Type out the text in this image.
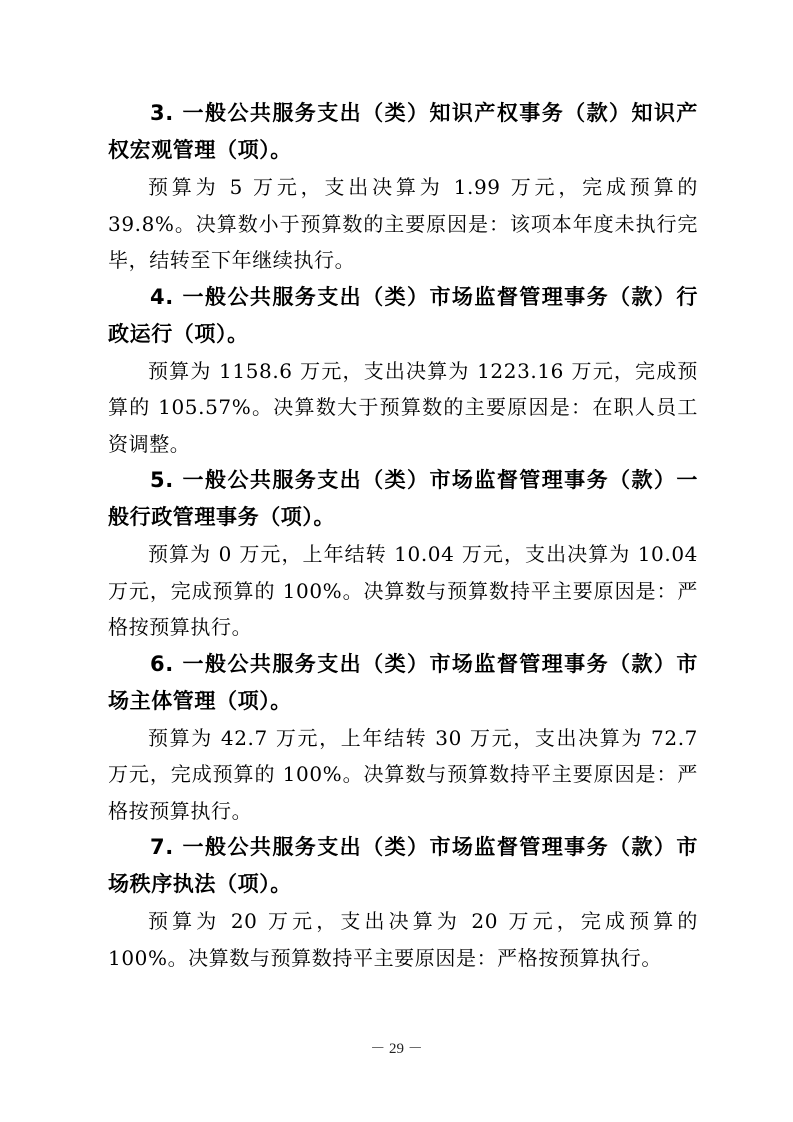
3. 一般公共服务支出（类）知识产权事务（款）知识产权宏观管理（项）。

预算为 5 万元，支出决算为 1.99 万元，完成预算的 39.8%。决算数小于预算数的主要原因是：该项本年度未执行完毕，结转至下年继续执行。

4. 一般公共服务支出（类）市场监督管理事务（款）行政运行（项）。

预算为 1158.6 万元，支出决算为 1223.16 万元，完成预算的 105.57%。决算数大于预算数的主要原因是：在职人员工资调整。

5. 一般公共服务支出（类）市场监督管理事务（款）一般行政管理事务（项）。

预算为 0 万元，上年结转 10.04 万元，支出决算为 10.04 万元，完成预算的 100%。决算数与预算数持平主要原因是：严格按预算执行。

6. 一般公共服务支出（类）市场监督管理事务（款）市场主体管理（项）。

预算为 42.7 万元，上年结转 30 万元，支出决算为 72.7 万元，完成预算的 100%。决算数与预算数持平主要原因是：严格按预算执行。

7. 一般公共服务支出（类）市场监督管理事务（款）市场秩序执法（项）。

预算为 20 万元，支出决算为 20 万元，完成预算的 100%。决算数与预算数持平主要原因是：严格按预算执行。

－ 29 －
